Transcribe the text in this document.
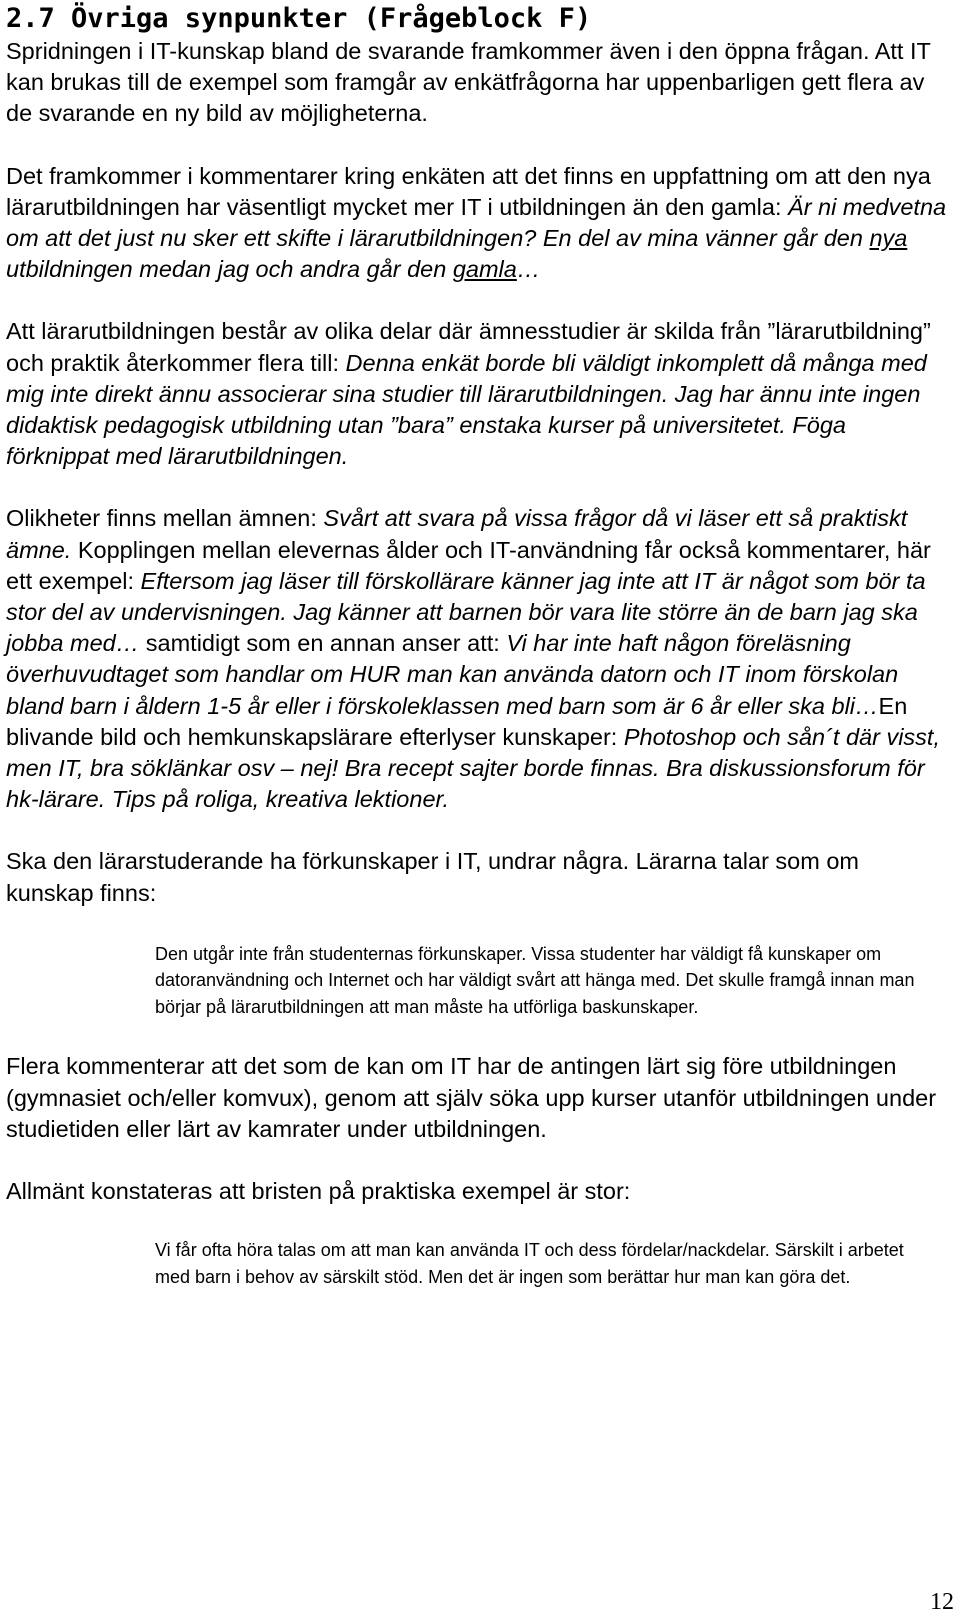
2.7 Övriga synpunkter (Frågeblock F)

Spridningen i IT-kunskap bland de svarande framkommer även i den öppna frågan. Att IT kan brukas till de exempel som framgår av enkätfrågorna har uppenbarligen gett flera av de svarande en ny bild av möjligheterna.

Det framkommer i kommentarer kring enkäten att det finns en uppfattning om att den nya lärarutbildningen har väsentligt mycket mer IT i utbildningen än den gamla: Är ni medvetna om att det just nu sker ett skifte i lärarutbildningen? En del av mina vänner går den nya utbildningen medan jag och andra går den gamla…

Att lärarutbildningen består av olika delar där ämnesstudier är skilda från ”lärarutbildning” och praktik återkommer flera till: Denna enkät borde bli väldigt inkomplett då många med mig inte direkt ännu associerar sina studier till lärarutbildningen. Jag har ännu inte ingen didaktisk pedagogisk utbildning utan ”bara” enstaka kurser på universitetet. Föga förknippat med lärarutbildningen.

Olikheter finns mellan ämnen: Svårt att svara på vissa frågor då vi läser ett så praktiskt ämne. Kopplingen mellan elevernas ålder och IT-användning får också kommentarer, här ett exempel: Eftersom jag läser till förskollärare känner jag inte att IT är något som bör ta stor del av undervisningen. Jag känner att barnen bör vara lite större än de barn jag ska jobba med… samtidigt som en annan anser att: Vi har inte haft någon föreläsning överhuvudtaget som handlar om HUR man kan använda datorn och IT inom förskolan bland barn i åldern 1-5 år eller i förskoleklassen med barn som är 6 år eller ska bli…En blivande bild och hemkunskapslärare efterlyser kunskaper: Photoshop och sån´t där visst, men IT, bra söklänkar osv – nej! Bra recept sajter borde finnas. Bra diskussionsforum för hk-lärare. Tips på roliga, kreativa lektioner.

Ska den lärarstuderande ha förkunskaper i IT, undrar några. Lärarna talar som om kunskap finns:

Den utgår inte från studenternas förkunskaper. Vissa studenter har väldigt få kunskaper om datoranvändning och Internet och har väldigt svårt att hänga med. Det skulle framgå innan man börjar på lärarutbildningen att man måste ha utförliga baskunskaper.

Flera kommenterar att det som de kan om IT har de antingen lärt sig före utbildningen (gymnasiet och/eller komvux), genom att själv söka upp kurser utanför utbildningen under studietiden eller lärt av kamrater under utbildningen.

Allmänt konstateras att bristen på praktiska exempel är stor:

Vi får ofta höra talas om att man kan använda IT och dess fördelar/nackdelar. Särskilt i arbetet med barn i behov av särskilt stöd. Men det är ingen som berättar hur man kan göra det.

12
